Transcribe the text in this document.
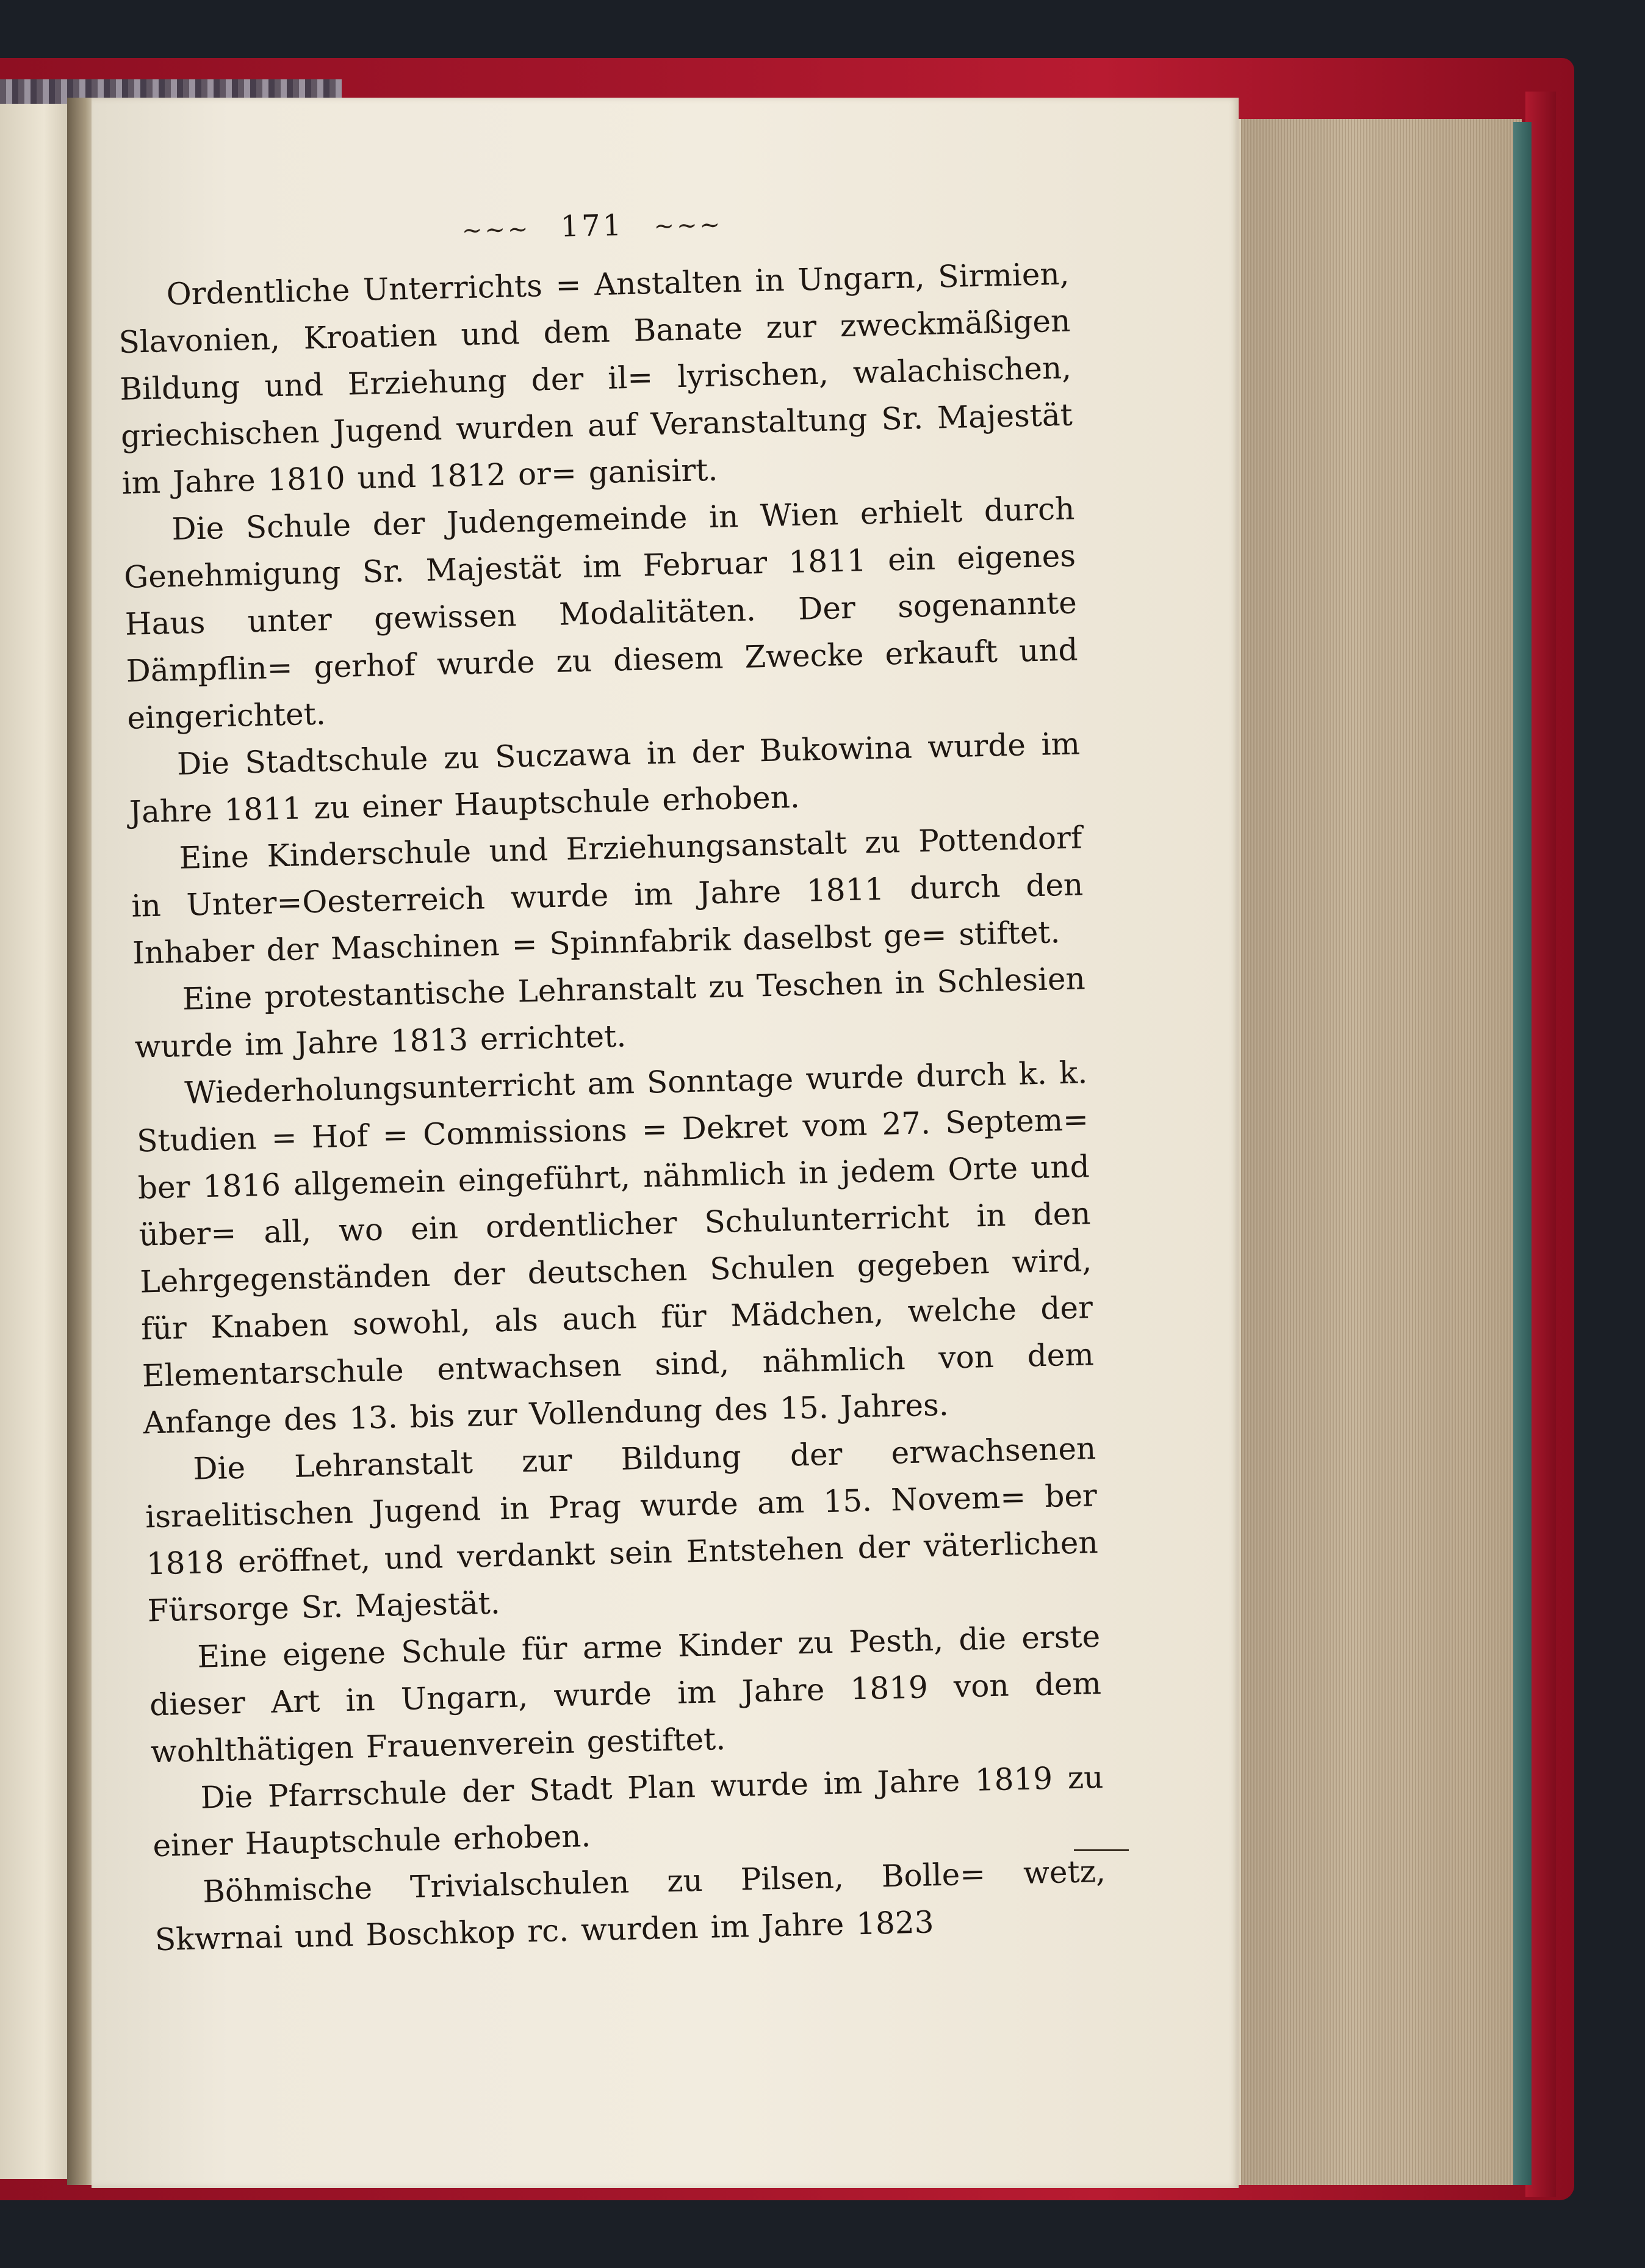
~~~ 171 ~~~

Ordentliche Unterrichts = Anstalten in Ungarn, Sirmien, Slavonien, Kroatien und dem Banate zur zweckmäßigen Bildung und Erziehung der il= lyrischen, walachischen, griechischen Jugend wurden auf Veranstaltung Sr. Majestät im Jahre 1810 und 1812 or= ganisirt.

Die Schule der Judengemeinde in Wien erhielt durch Genehmigung Sr. Majestät im Februar 1811 ein eigenes Haus unter gewissen Modalitäten. Der sogenannte Dämpflin= gerhof wurde zu diesem Zwecke erkauft und eingerichtet.

Die Stadtschule zu Suczawa in der Bukowina wurde im Jahre 1811 zu einer Hauptschule erhoben.

Eine Kinderschule und Erziehungsanstalt zu Pottendorf in Unter=Oesterreich wurde im Jahre 1811 durch den Inhaber der Maschinen = Spinnfabrik daselbst ge= stiftet.

Eine protestantische Lehranstalt zu Teschen in Schlesien wurde im Jahre 1813 errichtet.

Wiederholungsunterricht am Sonntage wurde durch k. k. Studien = Hof = Commissions = Dekret vom 27. Septem= ber 1816 allgemein eingeführt, nähmlich in jedem Orte und über= all, wo ein ordentlicher Schulunterricht in den Lehrgegenständen der deutschen Schulen gegeben wird, für Knaben sowohl, als auch für Mädchen, welche der Elementarschule entwachsen sind, nähmlich von dem Anfange des 13. bis zur Vollendung des 15. Jahres.

Die Lehranstalt zur Bildung der erwachsenen israelitischen Jugend in Prag wurde am 15. Novem= ber 1818 eröffnet, und verdankt sein Entstehen der väterlichen Fürsorge Sr. Majestät.

Eine eigene Schule für arme Kinder zu Pesth, die erste dieser Art in Ungarn, wurde im Jahre 1819 von dem wohlthätigen Frauenverein gestiftet.

Die Pfarrschule der Stadt Plan wurde im Jahre 1819 zu einer Hauptschule erhoben.

Böhmische Trivialschulen zu Pilsen, Bolle= wetz, Skwrnai und Boschkop rc. wurden im Jahre 1823
